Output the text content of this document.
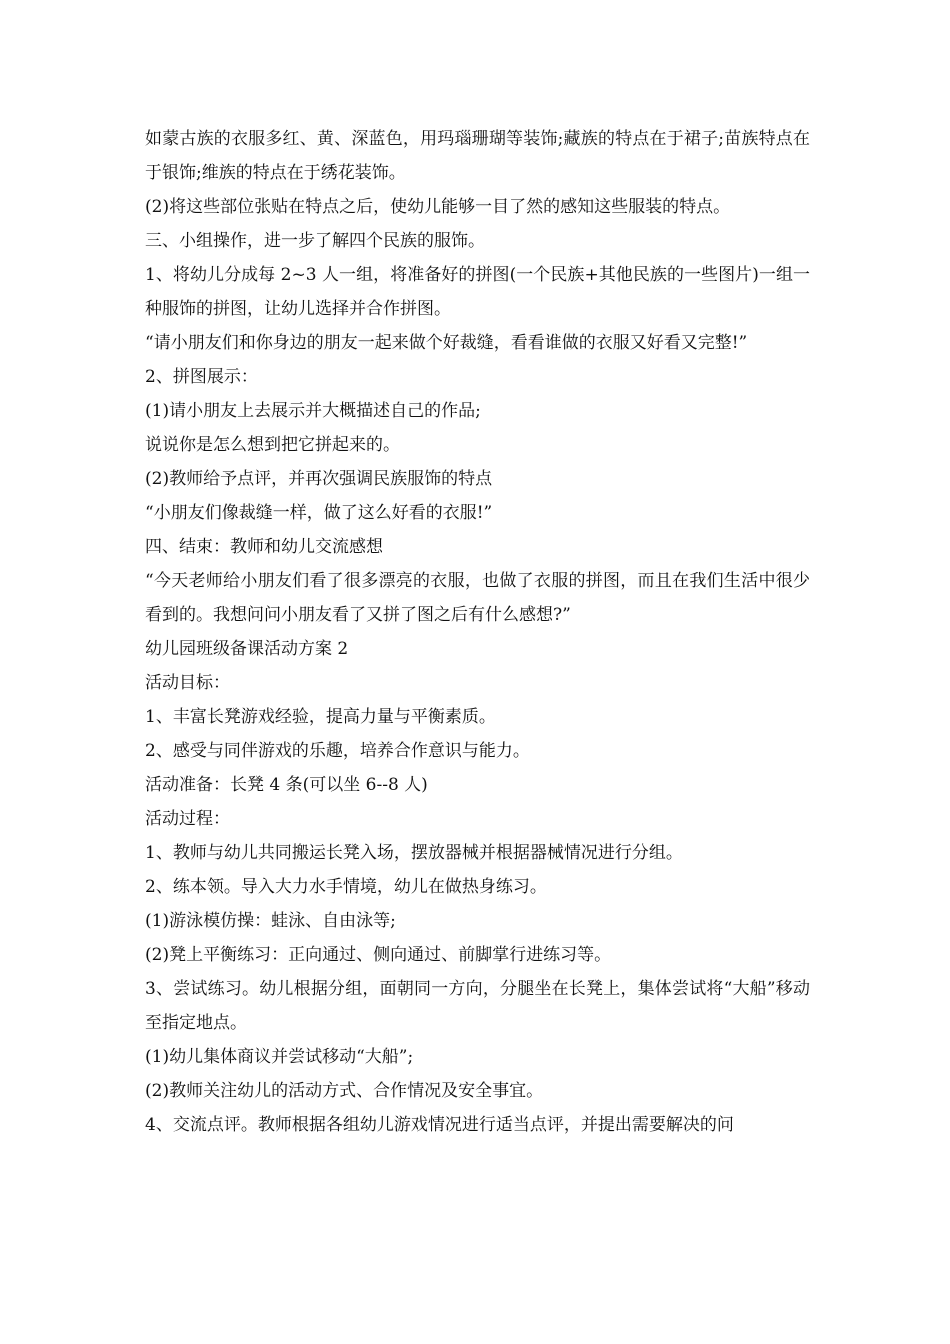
如蒙古族的衣服多红、黄、深蓝色，用玛瑙珊瑚等装饰;藏族的特点在于裙子;苗族特点在于银饰;维族的特点在于绣花装饰。

(2)将这些部位张贴在特点之后，使幼儿能够一目了然的感知这些服装的特点。

三、小组操作，进一步了解四个民族的服饰。

1、将幼儿分成每 2~3 人一组，将准备好的拼图(一个民族+其他民族的一些图片)一组一种服饰的拼图，让幼儿选择并合作拼图。

“请小朋友们和你身边的朋友一起来做个好裁缝，看看谁做的衣服又好看又完整!”

2、拼图展示：

(1)请小朋友上去展示并大概描述自己的作品;

说说你是怎么想到把它拼起来的。

(2)教师给予点评，并再次强调民族服饰的特点

“小朋友们像裁缝一样，做了这么好看的衣服!”

四、结束：教师和幼儿交流感想

“今天老师给小朋友们看了很多漂亮的衣服，也做了衣服的拼图，而且在我们生活中很少看到的。我想问问小朋友看了又拼了图之后有什么感想?”

幼儿园班级备课活动方案 2

活动目标：

1、丰富长凳游戏经验，提高力量与平衡素质。

2、感受与同伴游戏的乐趣，培养合作意识与能力。

活动准备：长凳 4 条(可以坐 6--8 人)

活动过程：

1、教师与幼儿共同搬运长凳入场，摆放器械并根据器械情况进行分组。

2、练本领。导入大力水手情境，幼儿在做热身练习。

(1)游泳模仿操：蛙泳、自由泳等;

(2)凳上平衡练习：正向通过、侧向通过、前脚掌行进练习等。

3、尝试练习。幼儿根据分组，面朝同一方向，分腿坐在长凳上，集体尝试将“大船”移动至指定地点。

(1)幼儿集体商议并尝试移动“大船”;

(2)教师关注幼儿的活动方式、合作情况及安全事宜。

4、交流点评。教师根据各组幼儿游戏情况进行适当点评，并提出需要解决的问
